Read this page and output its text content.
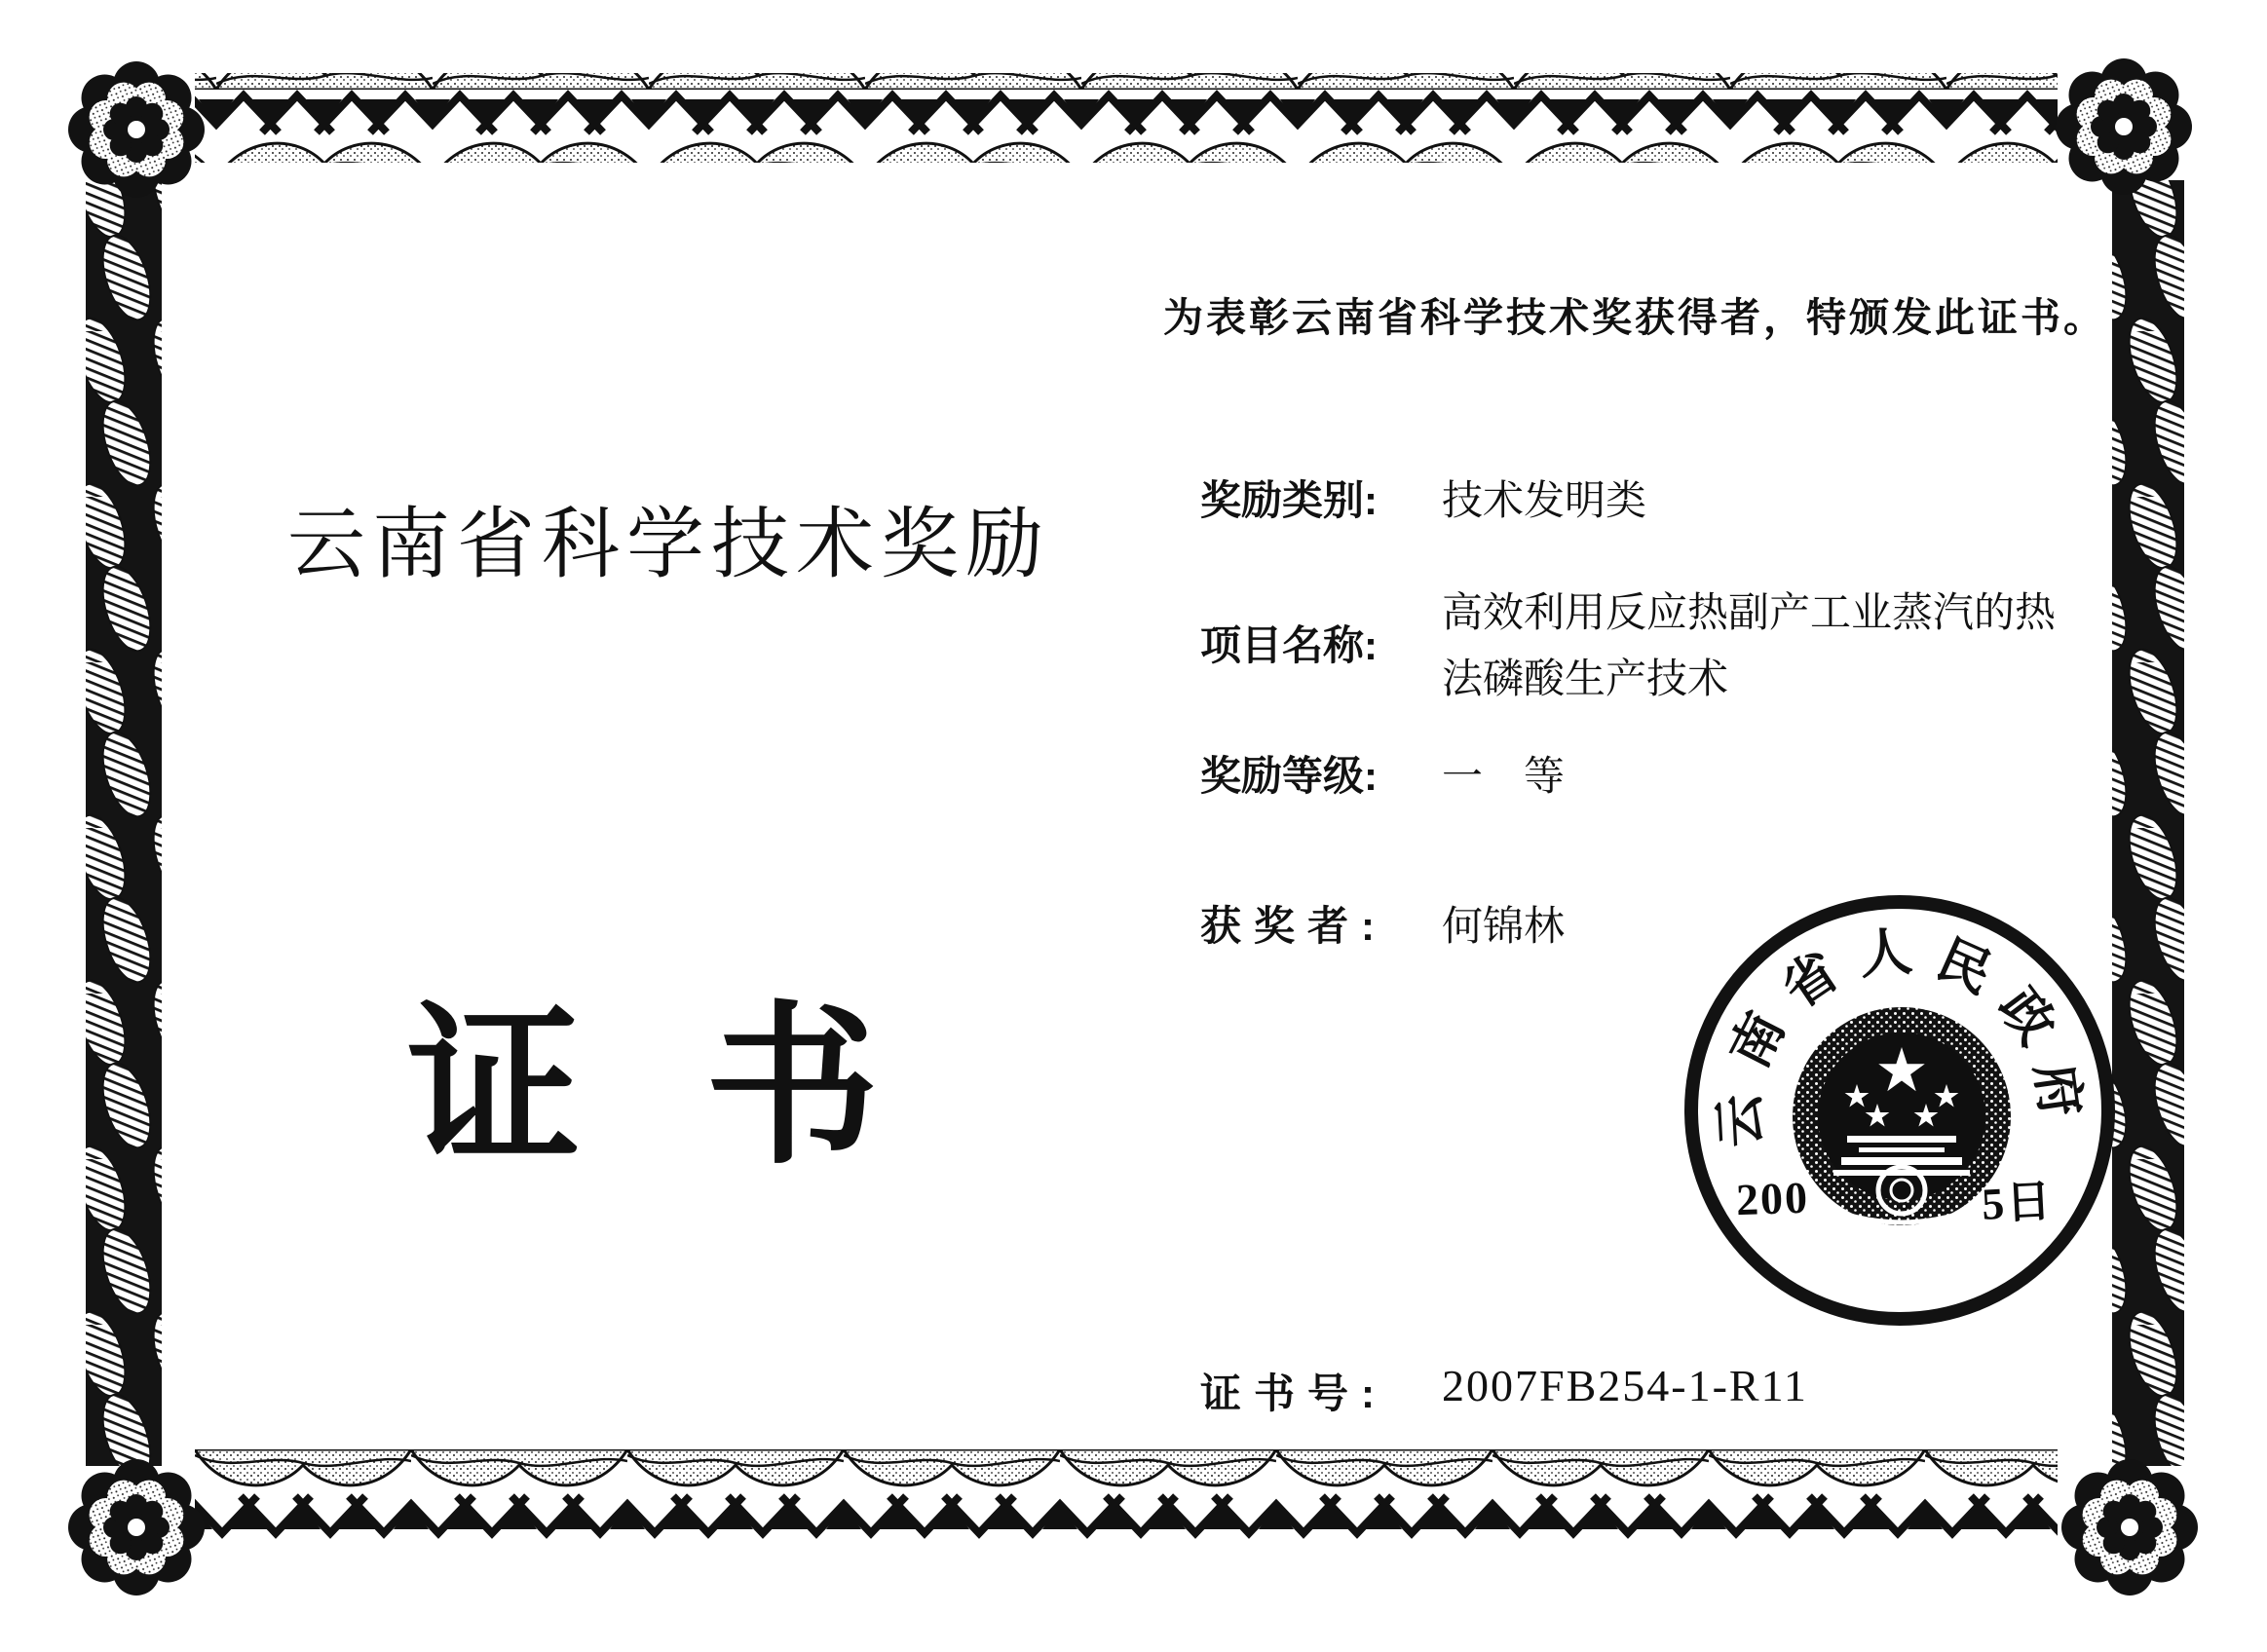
为表彰云南省科学技术奖获得者，特颁发此证书。
云南省科学技术奖励
证　书
奖励类别: 技术发明类
项目名称:
高效利用反应热副产工业蒸汽的热法磷酸生产技术
奖励等级: 一　等
获奖者: 何锦林
证书号: 2007FB254-1-R11
云
南
省 人 民
政
府
200	5日
